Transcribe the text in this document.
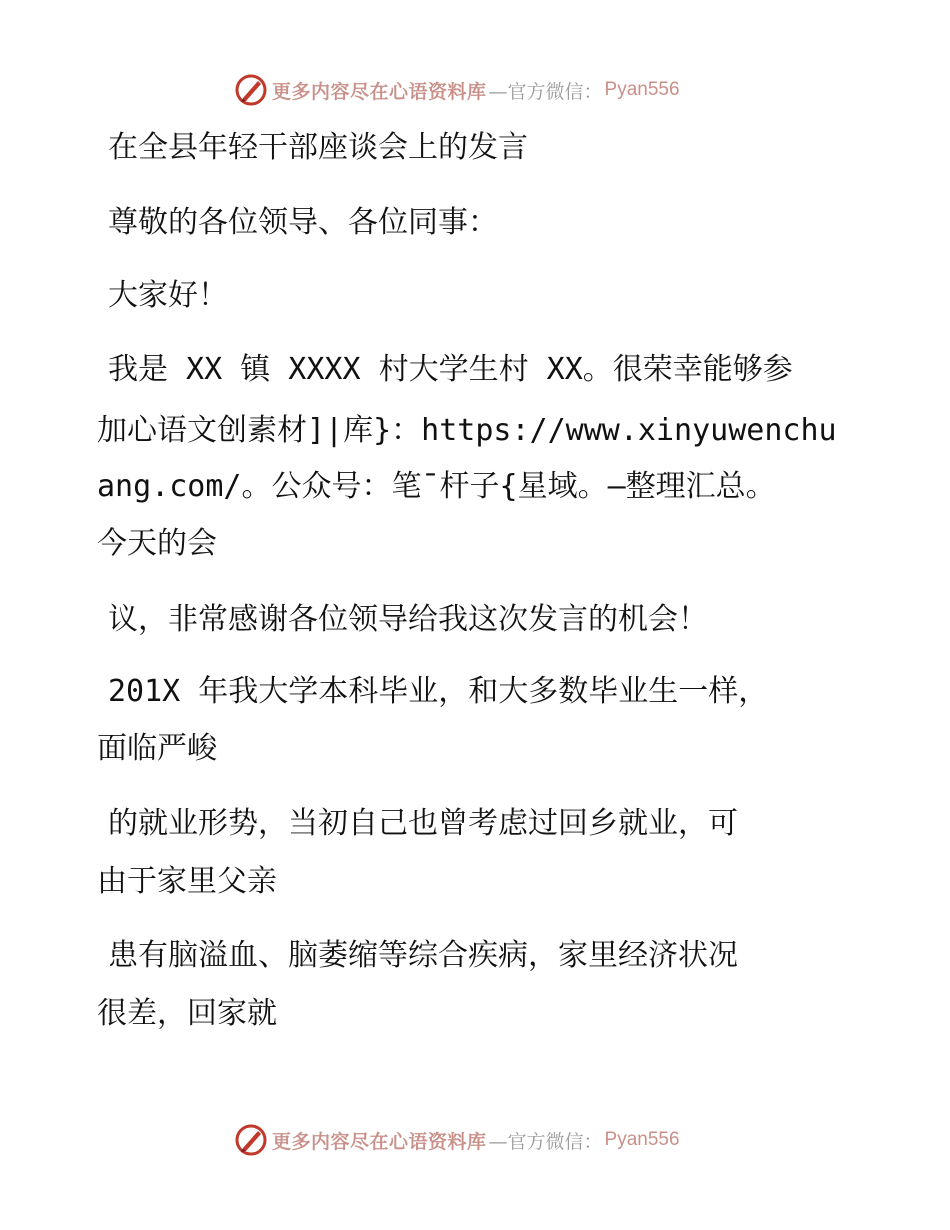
更多内容尽在心语资料库 —官方微信： Pyan556

在全县年轻干部座谈会上的发言

尊敬的各位领导、各位同事：

大家好！

我是 XX 镇 XXXX 村大学生村 XX。很荣幸能够参

加心语文创素材]|库}：https://www.xinyuwenchu

ang.com/。公众号：笔¯杆子{星域。—整理汇总。

今天的会

议，非常感谢各位领导给我这次发言的机会！

201X 年我大学本科毕业，和大多数毕业生一样，

面临严峻

的就业形势，当初自己也曾考虑过回乡就业，可

由于家里父亲

患有脑溢血、脑萎缩等综合疾病，家里经济状况

很差，回家就

更多内容尽在心语资料库 —官方微信： Pyan556
